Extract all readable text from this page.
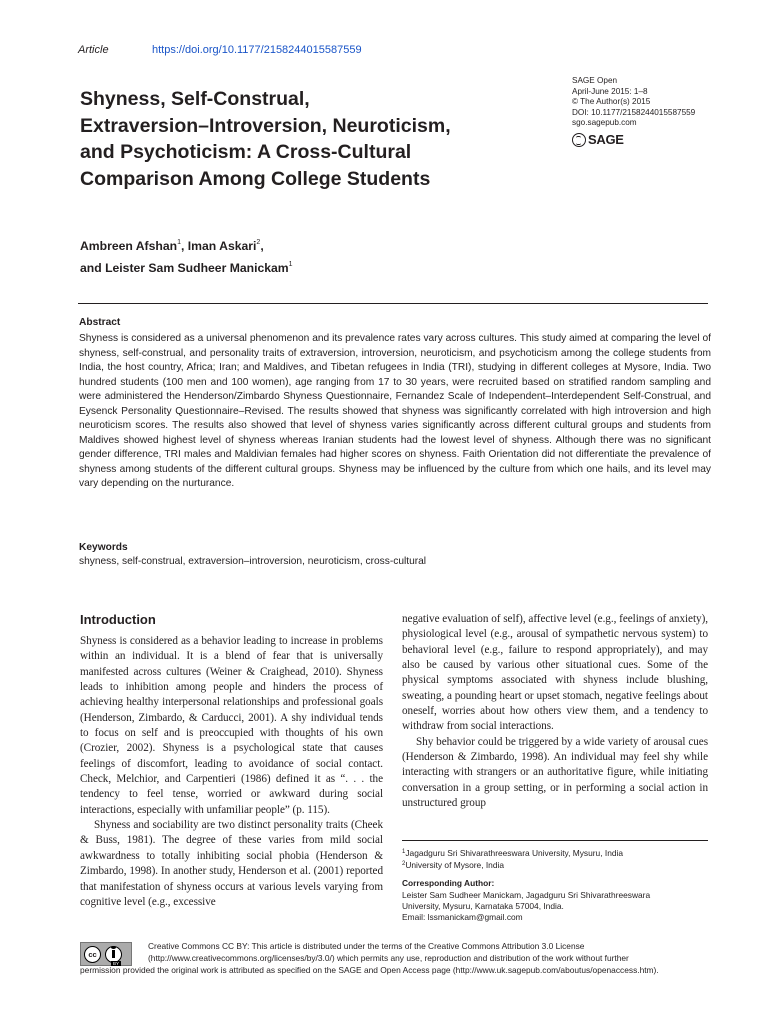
Article	https://doi.org/10.1177/2158244015587559
SAGE Open
April-June 2015: 1–8
© The Author(s) 2015
DOI: 10.1177/2158244015587559
sgo.sagepub.com
SAGE
Shyness, Self-Construal,
Extraversion–Introversion, Neuroticism,
and Psychoticism: A Cross-Cultural
Comparison Among College Students
Ambreen Afshan$^1$, Iman Askari$^2$,
and Leister Sam Sudheer Manickam$^1$
Abstract
Shyness is considered as a universal phenomenon and its prevalence rates vary across cultures. This study aimed at comparing the level of shyness, self-construal, and personality traits of extraversion, introversion, neuroticism, and psychoticism among the college students from India, the host country, Africa; Iran; and Maldives, and Tibetan refugees in India (TRI), studying in different colleges at Mysore, India. Two hundred students (100 men and 100 women), age ranging from 17 to 30 years, were recruited based on stratified random sampling and were administered the Henderson/Zimbardo Shyness Questionnaire, Fernandez Scale of Independent–Interdependent Self-Construal, and Eysenck Personality Questionnaire–Revised. The results showed that shyness was significantly correlated with high introversion and high neuroticism scores. The results also showed that level of shyness varies significantly across different cultural groups and students from Maldives showed highest level of shyness whereas Iranian students had the lowest level of shyness. Although there was no significant gender difference, TRI males and Maldivian females had higher scores on shyness. Faith Orientation did not differentiate the prevalence of shyness among students of the different cultural groups. Shyness may be influenced by the culture from which one hails, and its level may vary depending on the nurturance.
Keywords
shyness, self-construal, extraversion–introversion, neuroticism, cross-cultural
Introduction

Shyness is considered as a behavior leading to increase in problems within an individual. It is a blend of fear that is universally manifested across cultures (Weiner & Craighead, 2010). Shyness leads to inhibition among people and hinders the process of achieving healthy interpersonal relationships and professional goals (Henderson, Zimbardo, & Carducci, 2001). A shy individual tends to focus on self and is preoccupied with thoughts of his own (Crozier, 2002). Shyness is a psychological state that causes feelings of discomfort, leading to avoidance of social contact. Check, Melchior, and Carpentieri (1986) defined it as “. . . the tendency to feel tense, worried or awkward during social interactions, especially with unfamiliar people” (p. 115).

Shyness and sociability are two distinct personality traits (Cheek & Buss, 1981). The degree of these varies from mild social awkwardness to totally inhibiting social phobia (Henderson & Zimbardo, 1998). In another study, Henderson et al. (2001) reported that manifestation of shyness occurs at various levels varying from cognitive level (e.g., excessive

negative evaluation of self), affective level (e.g., feelings of anxiety), physiological level (e.g., arousal of sympathetic nervous system) to behavioral level (e.g., failure to respond appropriately), and may also be caused by various other situational cues. Some of the physical symptoms associated with shyness include blushing, sweating, a pounding heart or upset stomach, negative feelings about oneself, worries about how others view them, and a tendency to withdraw from social interactions.

Shy behavior could be triggered by a wide variety of arousal cues (Henderson & Zimbardo, 1998). An individual may feel shy while interacting with strangers or an authoritative figure, while initiating conversation in a group setting, or in performing a social action in unstructured group

$^1$Jagadguru Sri Shivarathreeswara University, Mysuru, India
$^2$University of Mysore, India
Corresponding Author:
Leister Sam Sudheer Manickam, Jagadguru Sri Shivarathreeswara
University, Mysuru, Karnataka 57004, India.
Email: lssmanickam@gmail.com
cc
BY
Creative Commons CC BY: This article is distributed under the terms of the Creative Commons Attribution 3.0 License
(http://www.creativecommons.org/licenses/by/3.0/) which permits any use, reproduction and distribution of the work without further
permission provided the original work is attributed as specified on the SAGE and Open Access page (http://www.uk.sagepub.com/aboutus/openaccess.htm).
